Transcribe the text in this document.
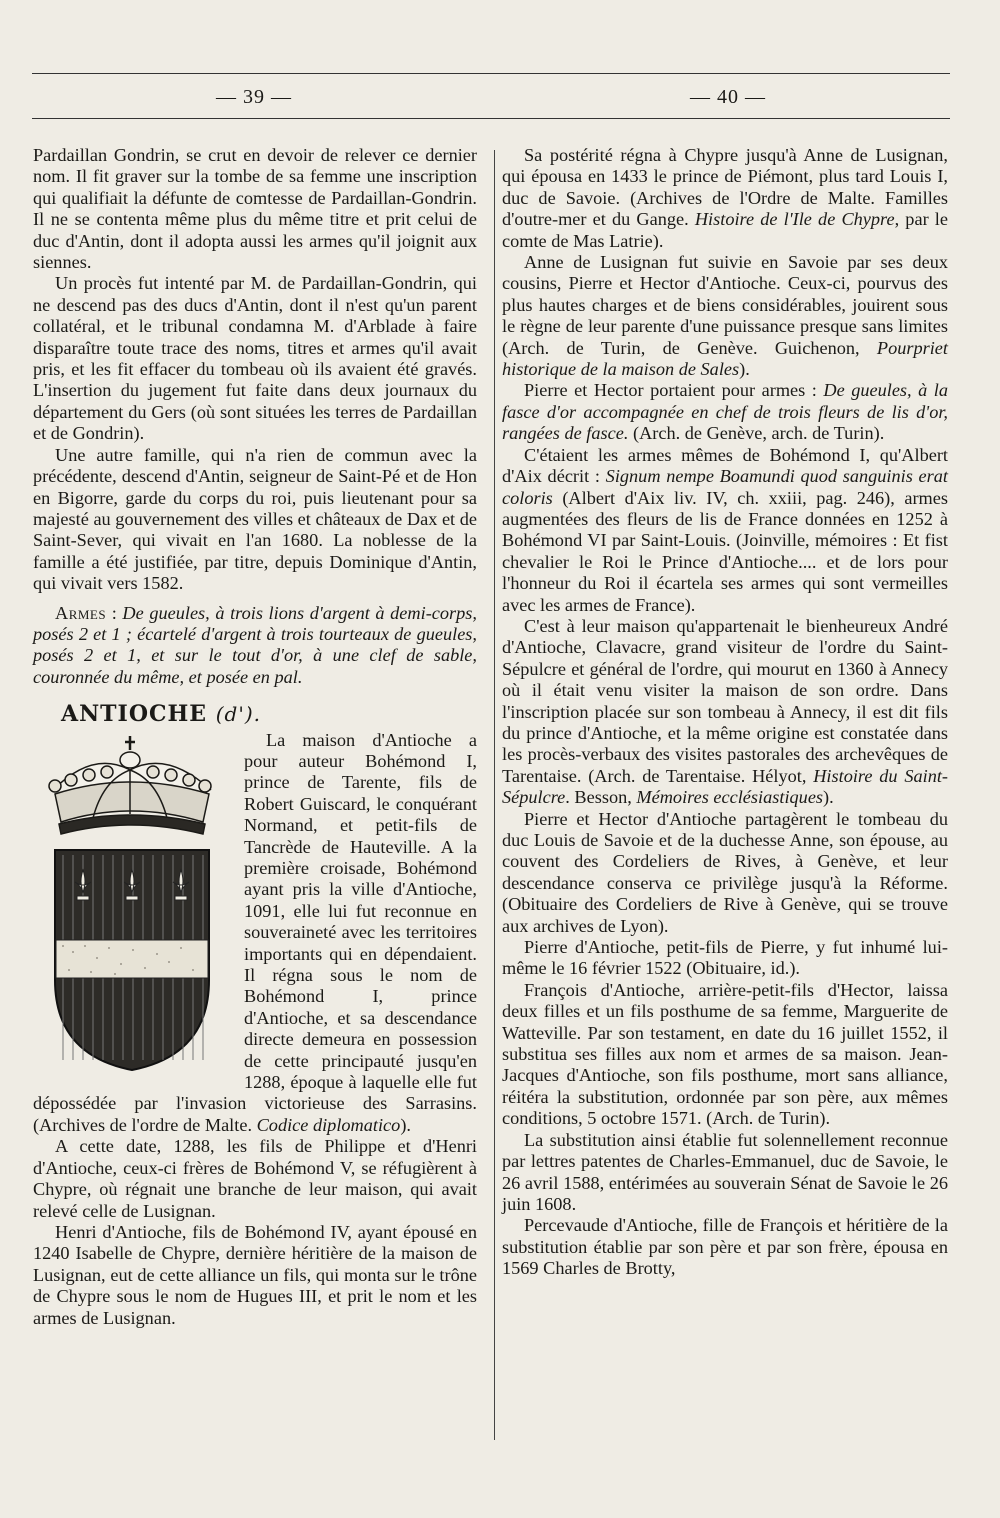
— 39 —	— 40 —

Pardaillan Gondrin, se crut en devoir de relever ce dernier nom. Il fit graver sur la tombe de sa femme une inscription qui qualifiait la défunte de comtesse de Pardaillan-Gondrin. Il ne se contenta même plus du même titre et prit celui de duc d'Antin, dont il adopta aussi les armes qu'il joignit aux siennes.

Un procès fut intenté par M. de Pardaillan-Gondrin, qui ne descend pas des ducs d'Antin, dont il n'est qu'un parent collatéral, et le tribunal condamna M. d'Arblade à faire disparaître toute trace des noms, titres et armes qu'il avait pris, et les fit effacer du tombeau où ils avaient été gravés. L'insertion du jugement fut faite dans deux journaux du département du Gers (où sont situées les terres de Pardaillan et de Gondrin).

Une autre famille, qui n'a rien de commun avec la précédente, descend d'Antin, seigneur de Saint-Pé et de Hon en Bigorre, garde du corps du roi, puis lieutenant pour sa majesté au gouvernement des villes et châteaux de Dax et de Saint-Sever, qui vivait en l'an 1680. La noblesse de la famille a été justifiée, par titre, depuis Dominique d'Antin, qui vivait vers 1582.

Armes : De gueules, à trois lions d'argent à demi-corps, posés 2 et 1 ; écartelé d'argent à trois tourteaux de gueules, posés 2 et 1, et sur le tout d'or, à une clef de sable, couronnée du même, et posée en pal.

ANTIOCHE (d').

La maison d'Antioche a pour auteur Bohémond I, prince de Tarente, fils de Robert Guiscard, le conquérant Normand, et petit-fils de Tancrède de Hauteville. A la première croisade, Bohémond ayant pris la ville d'Antioche, 1091, elle lui fut reconnue en souveraineté avec les territoires importants qui en dépendaient. Il régna sous le nom de Bohémond I, prince d'Antioche, et sa descendance directe demeura en possession de cette principauté jusqu'en 1288, époque à laquelle elle fut dépossédée par l'invasion victorieuse des Sarrasins. (Archives de l'ordre de Malte. Codice diplomatico).

A cette date, 1288, les fils de Philippe et d'Henri d'Antioche, ceux-ci frères de Bohémond V, se réfugièrent à Chypre, où régnait une branche de leur maison, qui avait relevé celle de Lusignan.

Henri d'Antioche, fils de Bohémond IV, ayant épousé en 1240 Isabelle de Chypre, dernière héritière de la maison de Lusignan, eut de cette alliance un fils, qui monta sur le trône de Chypre sous le nom de Hugues III, et prit le nom et les armes de Lusignan.

Sa postérité régna à Chypre jusqu'à Anne de Lusignan, qui épousa en 1433 le prince de Piémont, plus tard Louis I, duc de Savoie. (Archives de l'Ordre de Malte. Familles d'outre-mer et du Gange. Histoire de l'Ile de Chypre, par le comte de Mas Latrie).

Anne de Lusignan fut suivie en Savoie par ses deux cousins, Pierre et Hector d'Antioche. Ceux-ci, pourvus des plus hautes charges et de biens considérables, jouirent sous le règne de leur parente d'une puissance presque sans limites (Arch. de Turin, de Genève. Guichenon, Pourpriet historique de la maison de Sales).

Pierre et Hector portaient pour armes : De gueules, à la fasce d'or accompagnée en chef de trois fleurs de lis d'or, rangées de fasce. (Arch. de Genève, arch. de Turin).

C'étaient les armes mêmes de Bohémond I, qu'Albert d'Aix décrit : Signum nempe Boamundi quod sanguinis erat coloris (Albert d'Aix liv. IV, ch. xxiii, pag. 246), armes augmentées des fleurs de lis de France données en 1252 à Bohémond VI par Saint-Louis. (Joinville, mémoires : Et fist chevalier le Roi le Prince d'Antioche.... et de lors pour l'honneur du Roi il écartela ses armes qui sont vermeilles avec les armes de France).

C'est à leur maison qu'appartenait le bienheureux André d'Antioche, Clavacre, grand visiteur de l'ordre du Saint-Sépulcre et général de l'ordre, qui mourut en 1360 à Annecy où il était venu visiter la maison de son ordre. Dans l'inscription placée sur son tombeau à Annecy, il est dit fils du prince d'Antioche, et la même origine est constatée dans les procès-verbaux des visites pastorales des archevêques de Tarentaise. (Arch. de Tarentaise. Hélyot, Histoire du Saint-Sépulcre. Besson, Mémoires ecclésiastiques).

Pierre et Hector d'Antioche partagèrent le tombeau du duc Louis de Savoie et de la duchesse Anne, son épouse, au couvent des Cordeliers de Rives, à Genève, et leur descendance conserva ce privilège jusqu'à la Réforme. (Obituaire des Cordeliers de Rive à Genève, qui se trouve aux archives de Lyon).

Pierre d'Antioche, petit-fils de Pierre, y fut inhumé lui-même le 16 février 1522 (Obituaire, id.).

François d'Antioche, arrière-petit-fils d'Hector, laissa deux filles et un fils posthume de sa femme, Marguerite de Watteville. Par son testament, en date du 16 juillet 1552, il substitua ses filles aux nom et armes de sa maison. Jean-Jacques d'Antioche, son fils posthume, mort sans alliance, réitéra la substitution, ordonnée par son père, aux mêmes conditions, 5 octobre 1571. (Arch. de Turin).

La substitution ainsi établie fut solennellement reconnue par lettres patentes de Charles-Emmanuel, duc de Savoie, le 26 avril 1588, entérimées au souverain Sénat de Savoie le 26 juin 1608.

Percevaude d'Antioche, fille de François et héritière de la substitution établie par son père et par son frère, épousa en 1569 Charles de Brotty,
